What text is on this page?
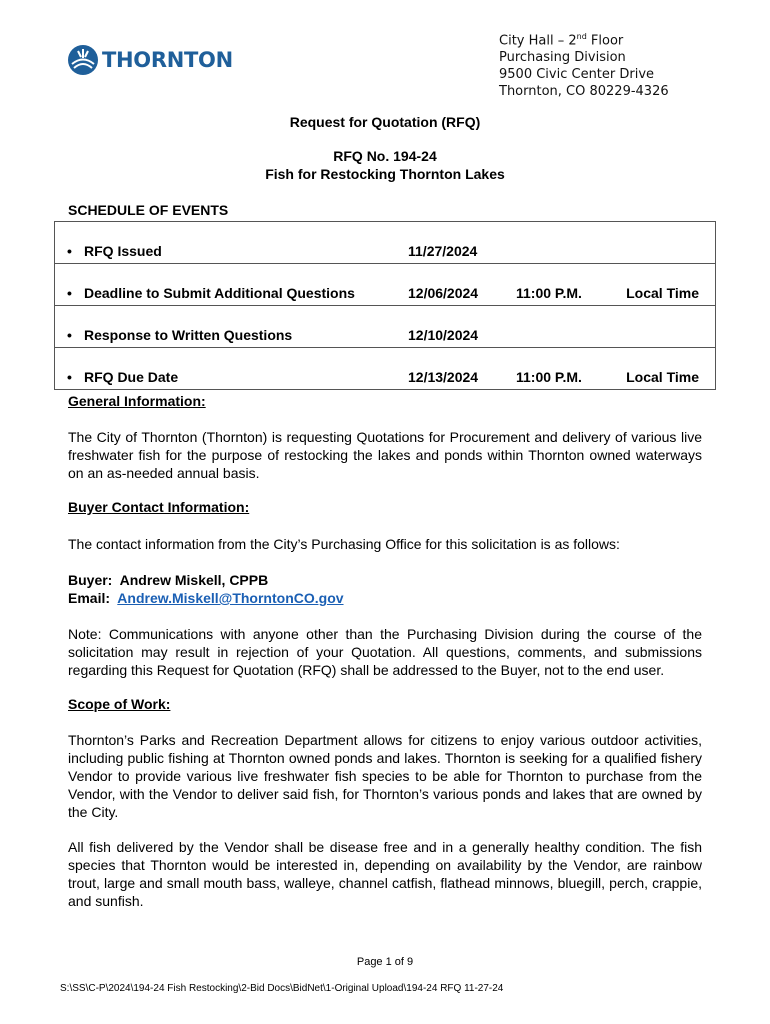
THORNTON
City Hall – 2nd Floor
Purchasing Division
9500 Civic Center Drive
Thornton, CO 80229-4326
Request for Quotation (RFQ)
RFQ No. 194-24
Fish for Restocking Thornton Lakes
SCHEDULE OF EVENTS
•	RFQ Issued	11/27/2024		
•	Deadline to Submit Additional Questions	12/06/2024	11:00 P.M.	Local Time
•	Response to Written Questions	12/10/2024		
•	RFQ Due Date	12/13/2024	11:00 P.M.	Local Time
General Information:
The City of Thornton (Thornton) is requesting Quotations for Procurement and delivery of various live freshwater fish for the purpose of restocking the lakes and ponds within Thornton owned waterways on an as-needed annual basis.
Buyer Contact Information:
The contact information from the City’s Purchasing Office for this solicitation is as follows:
Buyer: Andrew Miskell, CPPB
Email: Andrew.Miskell@ThorntonCO.gov
Note: Communications with anyone other than the Purchasing Division during the course of the solicitation may result in rejection of your Quotation. All questions, comments, and submissions regarding this Request for Quotation (RFQ) shall be addressed to the Buyer, not to the end user.
Scope of Work:
Thornton’s Parks and Recreation Department allows for citizens to enjoy various outdoor activities, including public fishing at Thornton owned ponds and lakes. Thornton is seeking for a qualified fishery Vendor to provide various live freshwater fish species to be able for Thornton to purchase from the Vendor, with the Vendor to deliver said fish, for Thornton’s various ponds and lakes that are owned by the City.
All fish delivered by the Vendor shall be disease free and in a generally healthy condition. The fish species that Thornton would be interested in, depending on availability by the Vendor, are rainbow trout, large and small mouth bass, walleye, channel catfish, flathead minnows, bluegill, perch, crappie, and sunfish.
Page 1 of 9
S:\SS\C-P\2024\194-24 Fish Restocking\2-Bid Docs\BidNet\1-Original Upload\194-24 RFQ 11-27-24
